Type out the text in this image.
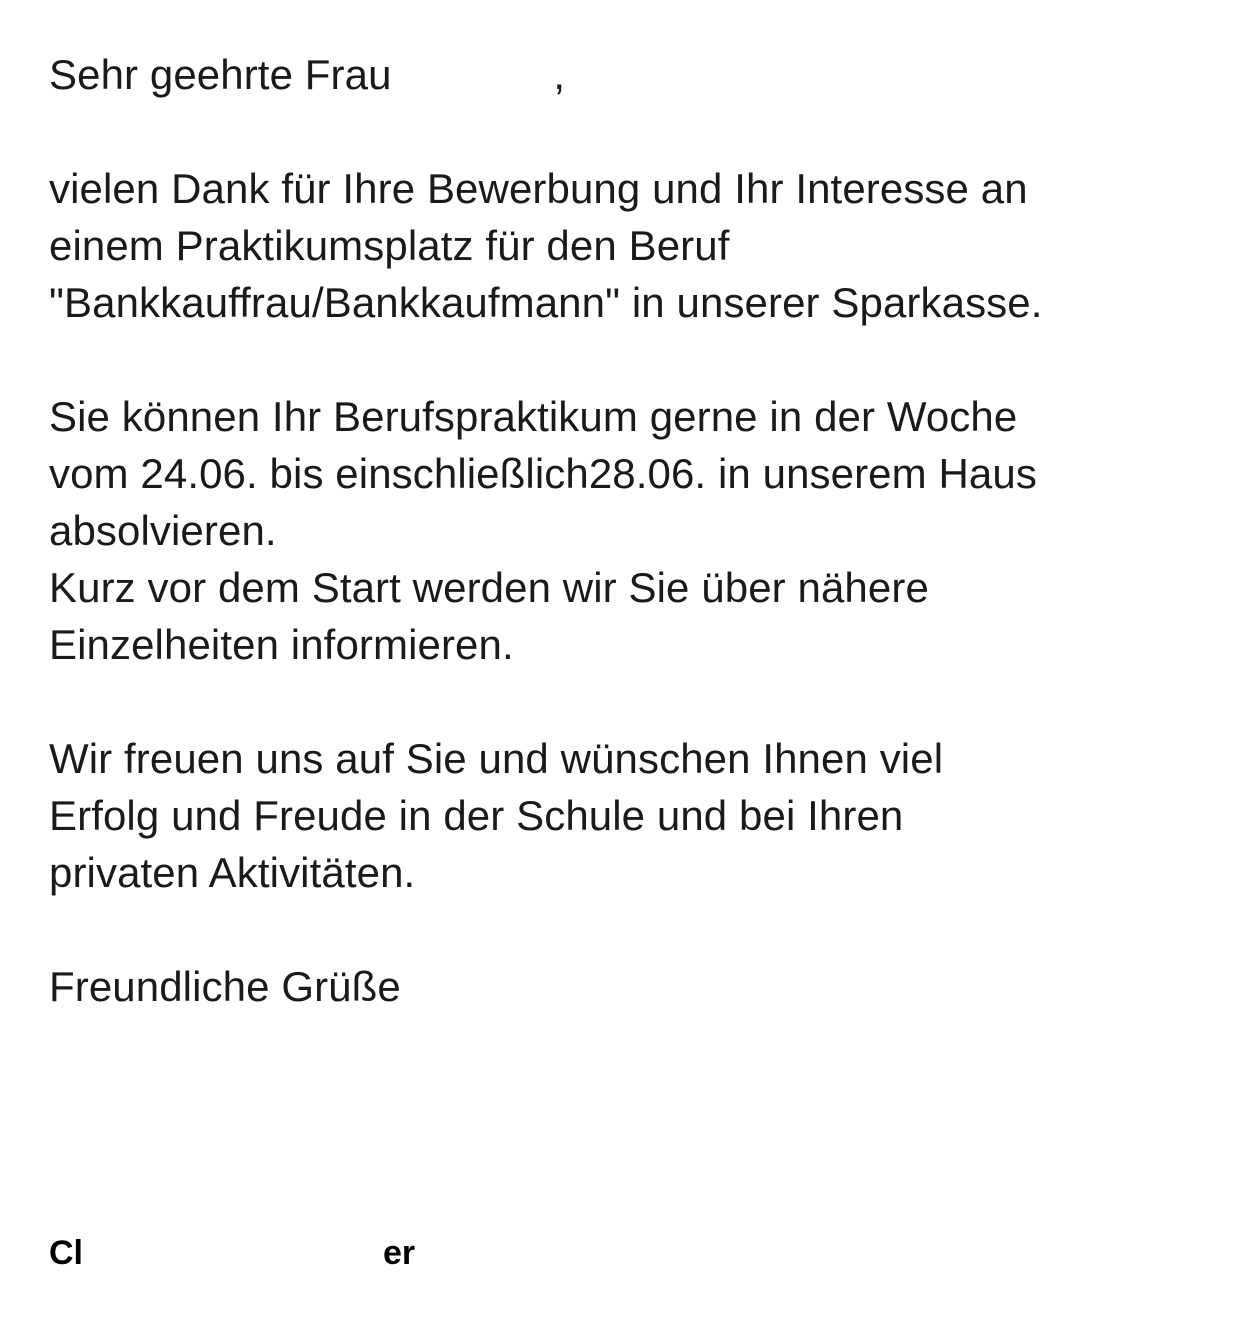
Sehr geehrte Frau	,
vielen Dank für Ihre Bewerbung und Ihr Interesse an
einem Praktikumsplatz für den Beruf
"Bankkauffrau/Bankkaufmann" in unserer Sparkasse.
Sie können Ihr Berufspraktikum gerne in der Woche
vom 24.06. bis einschließlich28.06. in unserem Haus
absolvieren.
Kurz vor dem Start werden wir Sie über nähere
Einzelheiten informieren.
Wir freuen uns auf Sie und wünschen Ihnen viel
Erfolg und Freude in der Schule und bei Ihren
privaten Aktivitäten.
Freundliche Grüße
Cl	er
